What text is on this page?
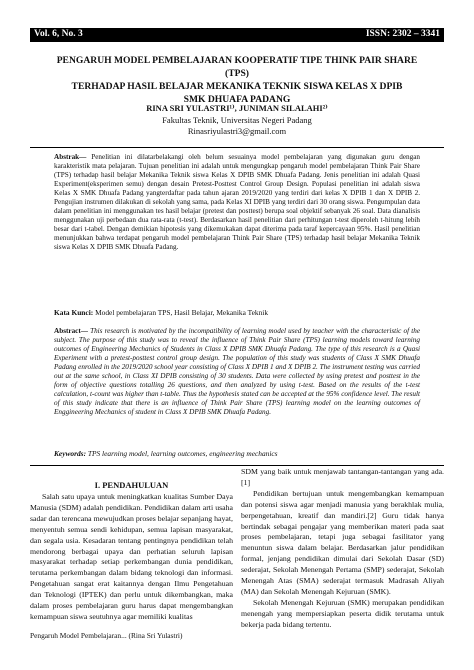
Vol. 6, No. 3	ISSN: 2302 – 3341
PENGARUH MODEL PEMBELAJARAN KOOPERATIF TIPE THINK PAIR SHARE (TPS)
TERHADAP HASIL BELAJAR MEKANIKA TEKNIK SISWA KELAS X DPIB
SMK DHUAFA PADANG
RINA SRI YULASTRI¹⁾, JUNIMAN SILALAHI²⁾
Fakultas Teknik, Universitas Negeri Padang
Rinasriyulastri3@gmail.com
Abstrak— Penelitian ini dilatarbelakangi oleh belum sesuainya model pembelajaran yang digunakan guru dengan karakteristik mata pelajaran. Tujuan penelitian ini adalah untuk mengungkap pengaruh model pembelajaran Think Pair Share (TPS) terhadap hasil belajar Mekanika Teknik siswa Kelas X DPIB SMK Dhuafa Padang. Jenis penelitian ini adalah Quasi Experiment(eksperimen semu) dengan desain Pretest-Posttest Control Group Design. Populasi penelitian ini adalah siswa Kelas X SMK Dhuafa Padang yangterdaftar pada tahun ajaran 2019/2020 yang terdiri dari kelas X DPIB 1 dan X DPIB 2. Pengujian instrumen dilakukan di sekolah yang sama, pada Kelas XI DPIB yang terdiri dari 30 orang siswa. Pengumpulan data dalam penelitian ini menggunakan tes hasil belajar (pretest dan posttest) berupa soal objektif sebanyak 26 soal. Data dianalisis menggunakan uji perbedaan dua rata-rata (t-test). Berdasarkan hasil penelitian dari perhitungan t-test diperoleh t-hitung lebih besar dari t-tabel. Dengan demikian hipotesis yang dikemukakan dapat diterima pada taraf kepercayaan 95%. Hasil penelitian menunjukkan bahwa terdapat pengaruh model pembelajaran Think Pair Share (TPS) terhadap hasil belajar Mekanika Teknik siswa Kelas X DPIB SMK Dhuafa Padang.
Kata Kunci: Model pembelajaran TPS, Hasil Belajar, Mekanika Teknik
Abstract— This research is motivated by the incompatibility of learning model used by teacher with the characteristic of the subject. The purpose of this study was to reveal the influence of Think Pair Share (TPS) learning models toward learning outcomes of Engineering Mechanics of Students in Class X DPIB SMK Dhuafa Padang. The type of this research is a Quasi Experiment with a pretest-posttest control group design. The population of this study was students of Class X SMK Dhuafa Padang enrolled in the 2019/2020 school year consisting of Class X DPIB 1 and X DPIB 2. The instrument testing was carried out at the same school, in Class XI DPIB consisting of 30 students. Data were collected by using pretest and posttest in the form of objective questions totalling 26 questions, and then analyzed by using t-test. Based on the results of the t-test calculation, t-count was higher than t-table. Thus the hypothesis stated can be accepted at the 95% confidence level. The result of this study indicate that there is an influence of Think Pair Share (TPS) learning model on the learning outcomes of Enggineering Mechanics of student in Class X DPIB SMK Dhuafa Padang.
Keywords: TPS learning model, learning outcomes, engineering mechanics
I. PENDAHULUAN

Salah satu upaya untuk meningkatkan kualitas Sumber Daya Manusia (SDM) adalah pendidikan. Pendidikan dalam arti usaha sadar dan terencana mewujudkan proses belajar sepanjang hayat, menyentuh semua sendi kehidupan, semua lapisan masyarakat, dan segala usia. Kesadaran tentang pentingnya pendidikan telah mendorong berbagai upaya dan perhatian seluruh lapisan masyarakat terhadap setiap perkembangan dunia pendidikan, terutama perkembangan dalam bidang teknologi dan informasi. Pengetahuan sangat erat kaitannya dengan Ilmu Pengetahuan dan Teknologi (IPTEK) dan perlu untuk dikembangkan, maka dalam proses pembelajaran guru harus dapat mengembangkan kemampuan siswa seutuhnya agar memiliki kualitas

SDM yang baik untuk menjawab tantangan-tantangan yang ada.[1]

Pendidikan bertujuan untuk mengembangkan kemampuan dan potensi siswa agar menjadi manusia yang berakhlak mulia, berpengetahuan, kreatif dan mandiri.[2] Guru tidak hanya bertindak sebagai pengajar yang memberikan materi pada saat proses pembelajaran, tetapi juga sebagai fasilitator yang menuntun siswa dalam belajar. Berdasarkan jalur pendidikan formal, jenjang pendidikan dimulai dari Sekolah Dasar (SD) sederajat, Sekolah Menengah Pertama (SMP) sederajat, Sekolah Menengah Atas (SMA) sederajat termasuk Madrasah Aliyah (MA) dan Sekolah Menengah Kejuruan (SMK).

Sekolah Menengah Kejuruan (SMK) merupakan pendidikan menengah yang mempersiapkan peserta didik terutama untuk bekerja pada bidang tertentu.

Pengaruh Model Pembelajaran... (Rina Sri Yulastri)
